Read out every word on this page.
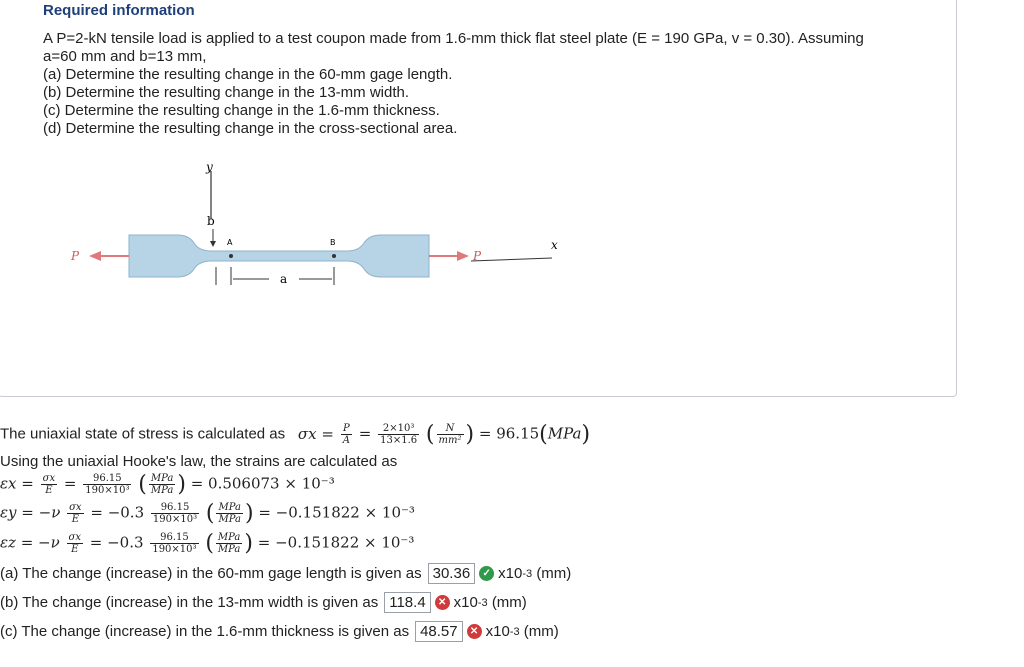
Required information
A P=2-kN tensile load is applied to a test coupon made from 1.6-mm thick flat steel plate (E = 190 GPa, v = 0.30). Assuming
a=60 mm and b=13 mm,
(a) Determine the resulting change in the 60-mm gage length.
(b) Determine the resulting change in the 13-mm width.
(c) Determine the resulting change in the 1.6-mm thickness.
(d) Determine the resulting change in the cross-sectional area.
y
b
A	B
a
P	P
x
The uniaxial state of stress is calculated as $\sigma x = \frac{P}{A} = \frac{\text{2×10³}}{13\times 1.6}$ ( $\frac{N}{\text{mm²}}$ ) = 96.15(MPa)
Using the uniaxial Hooke's law, the strains are calculated as
$\varepsilon x = \frac{\sigma x}{E} = \frac{96.15}{\text{190×10³}}$ ( $\frac{\text{MPa}}{\text{MPa}}$ ) = 0.506073 × 10⁻³
$\varepsilon y = -\nu \frac{\sigma x}{E} = -0.3 \frac{96.15}{\text{190×10³}}$ ( $\frac{\text{MPa}}{\text{MPa}}$ ) = −0.151822 × 10⁻³
$\varepsilon z = -\nu \frac{\sigma x}{E} = -0.3 \frac{96.15}{\text{190×10³}}$ ( $\frac{\text{MPa}}{\text{MPa}}$ ) = −0.151822 × 10⁻³
(a) The change (increase) in the 60-mm gage length is given as 30.36	✓ x10 -3
(mm)
(b) The change (increase) in the 13-mm width is given as 118.4	✕ x10 -3
(mm)
(c) The change (increase) in the 1.6-mm thickness is given as 48.57	✕ x10 -3
(mm)
